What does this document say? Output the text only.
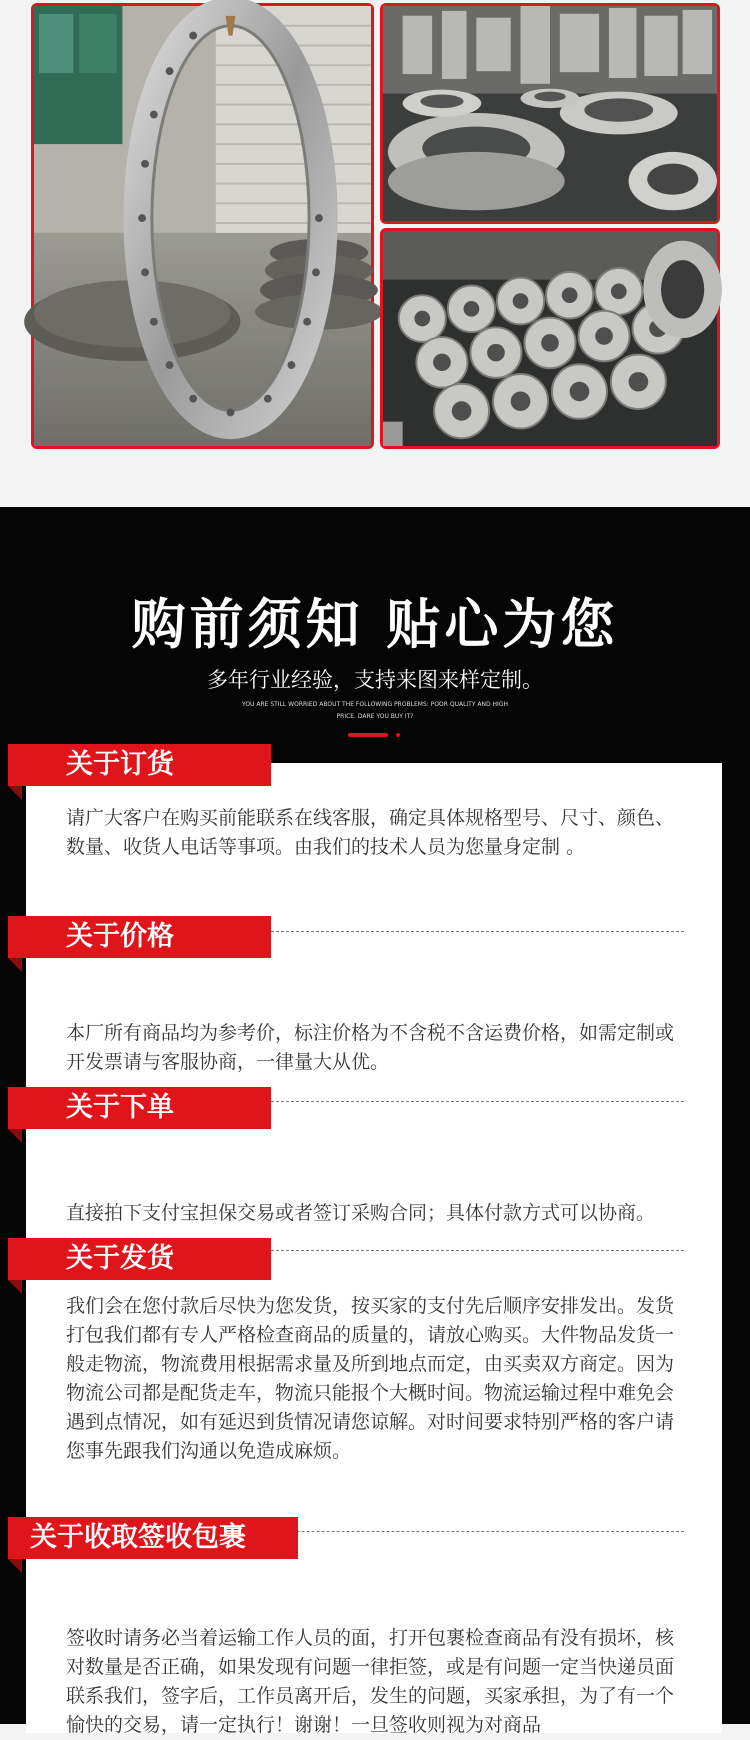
购前须知 贴心为您
多年行业经验，支持来图来样定制。
YOU ARE STILL WORRIED ABOUT THE FOLLOWING PROBLEMS: POOR QUALITY AND HIGH
PRICE. DARE YOU BUY IT?
关于订货
请广大客户在购买前能联系在线客服，确定具体规格型号、尺寸、颜色、数量、收货人电话等事项。由我们的技术人员为您量身定制 。
关于价格
本厂所有商品均为参考价，标注价格为不含税不含运费价格，如需定制或开发票请与客服协商，一律量大从优。
关于下单
直接拍下支付宝担保交易或者签订采购合同；具体付款方式可以协商。
关于发货
我们会在您付款后尽快为您发货，按买家的支付先后顺序安排发出。发货打包我们都有专人严格检查商品的质量的，请放心购买。大件物品发货一般走物流，物流费用根据需求量及所到地点而定，由买卖双方商定。因为物流公司都是配货走车，物流只能报个大概时间。物流运输过程中难免会遇到点情况，如有延迟到货情况请您谅解。对时间要求特别严格的客户请您事先跟我们沟通以免造成麻烦。
关于收取签收包裹
签收时请务必当着运输工作人员的面，打开包裹检查商品有没有损坏，核对数量是否正确，如果发现有问题一律拒签，或是有问题一定当快递员面联系我们，签字后，工作员离开后，发生的问题，买家承担，为了有一个愉快的交易，请一定执行！谢谢！一旦签收则视为对商品
